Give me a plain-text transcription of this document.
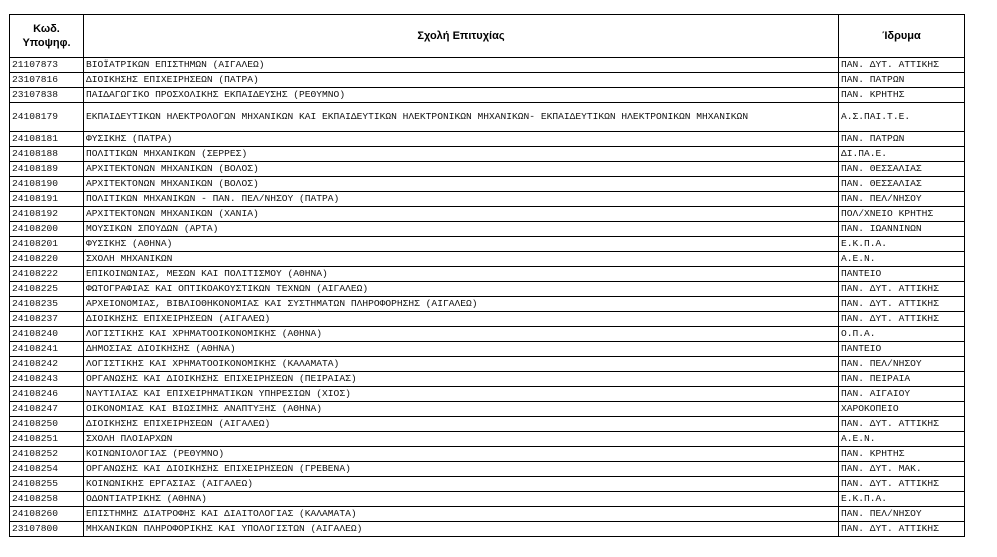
Κωδ.
Υποψηφ.	Σχολή Επιτυχίας	Ίδρυμα
21107873	ΒΙΟΪΑΤΡΙΚΩΝ ΕΠΙΣΤΗΜΩΝ (ΑΙΓΑΛΕΩ)	ΠΑΝ. ΔΥΤ. ΑΤΤΙΚΗΣ
23107816	ΔΙΟΙΚΗΣΗΣ ΕΠΙΧΕΙΡΗΣΕΩΝ (ΠΑΤΡΑ)	ΠΑΝ. ΠΑΤΡΩΝ
23107838	ΠΑΙΔΑΓΩΓΙΚΟ ΠΡΟΣΧΟΛΙΚΗΣ ΕΚΠΑΙΔΕΥΣΗΣ (ΡΕΘΥΜΝΟ)	ΠΑΝ. ΚΡΗΤΗΣ
24108179	ΕΚΠΑΙΔΕΥΤΙΚΩΝ ΗΛΕΚΤΡΟΛΟΓΩΝ ΜΗΧΑΝΙΚΩΝ ΚΑΙ ΕΚΠΑΙΔΕΥΤΙΚΩΝ ΗΛΕΚΤΡΟΝΙΚΩΝ ΜΗΧΑΝΙΚΩΝ- ΕΚΠΑΙΔΕΥΤΙΚΩΝ ΗΛΕΚΤΡΟΝΙΚΩΝ ΜΗΧΑΝΙΚΩΝ	Α.Σ.ΠΑΙ.Τ.Ε.
24108181	ΦΥΣΙΚΗΣ (ΠΑΤΡΑ)	ΠΑΝ. ΠΑΤΡΩΝ
24108188	ΠΟΛΙΤΙΚΩΝ ΜΗΧΑΝΙΚΩΝ (ΣΕΡΡΕΣ)	ΔΙ.ΠΑ.Ε.
24108189	ΑΡΧΙΤΕΚΤΟΝΩΝ ΜΗΧΑΝΙΚΩΝ (ΒΟΛΟΣ)	ΠΑΝ. ΘΕΣΣΑΛΙΑΣ
24108190	ΑΡΧΙΤΕΚΤΟΝΩΝ ΜΗΧΑΝΙΚΩΝ (ΒΟΛΟΣ)	ΠΑΝ. ΘΕΣΣΑΛΙΑΣ
24108191	ΠΟΛΙΤΙΚΩΝ ΜΗΧΑΝΙΚΩΝ - ΠΑΝ. ΠΕΛ/ΝΗΣΟΥ (ΠΑΤΡΑ)	ΠΑΝ. ΠΕΛ/ΝΗΣΟΥ
24108192	ΑΡΧΙΤΕΚΤΟΝΩΝ ΜΗΧΑΝΙΚΩΝ (ΧΑΝΙΑ)	ΠΟΛ/ΧΝΕΙΟ ΚΡΗΤΗΣ
24108200	ΜΟΥΣΙΚΩΝ ΣΠΟΥΔΩΝ (ΑΡΤΑ)	ΠΑΝ. ΙΩΑΝΝΙΝΩΝ
24108201	ΦΥΣΙΚΗΣ (ΑΘΗΝΑ)	Ε.Κ.Π.Α.
24108220	ΣΧΟΛΗ ΜΗΧΑΝΙΚΩΝ	Α.Ε.Ν.
24108222	ΕΠΙΚΟΙΝΩΝΙΑΣ, ΜΕΣΩΝ ΚΑΙ ΠΟΛΙΤΙΣΜΟΥ (ΑΘΗΝΑ)	ΠΑΝΤΕΙΟ
24108225	ΦΩΤΟΓΡΑΦΙΑΣ ΚΑΙ ΟΠΤΙΚΟΑΚΟΥΣΤΙΚΩΝ ΤΕΧΝΩΝ (ΑΙΓΑΛΕΩ)	ΠΑΝ. ΔΥΤ. ΑΤΤΙΚΗΣ
24108235	ΑΡΧΕΙΟΝΟΜΙΑΣ, ΒΙΒΛΙΟΘΗΚΟΝΟΜΙΑΣ ΚΑΙ ΣΥΣΤΗΜΑΤΩΝ ΠΛΗΡΟΦΟΡΗΣΗΣ (ΑΙΓΑΛΕΩ)	ΠΑΝ. ΔΥΤ. ΑΤΤΙΚΗΣ
24108237	ΔΙΟΙΚΗΣΗΣ ΕΠΙΧΕΙΡΗΣΕΩΝ (ΑΙΓΑΛΕΩ)	ΠΑΝ. ΔΥΤ. ΑΤΤΙΚΗΣ
24108240	ΛΟΓΙΣΤΙΚΗΣ ΚΑΙ ΧΡΗΜΑΤΟΟΙΚΟΝΟΜΙΚΗΣ (ΑΘΗΝΑ)	Ο.Π.Α.
24108241	ΔΗΜΟΣΙΑΣ ΔΙΟΙΚΗΣΗΣ (ΑΘΗΝΑ)	ΠΑΝΤΕΙΟ
24108242	ΛΟΓΙΣΤΙΚΗΣ ΚΑΙ ΧΡΗΜΑΤΟΟΙΚΟΝΟΜΙΚΗΣ (ΚΑΛΑΜΑΤΑ)	ΠΑΝ. ΠΕΛ/ΝΗΣΟΥ
24108243	ΟΡΓΑΝΩΣΗΣ ΚΑΙ ΔΙΟΙΚΗΣΗΣ ΕΠΙΧΕΙΡΗΣΕΩΝ (ΠΕΙΡΑΙΑΣ)	ΠΑΝ. ΠΕΙΡΑΙΑ
24108246	ΝΑΥΤΙΛΙΑΣ ΚΑΙ ΕΠΙΧΕΙΡΗΜΑΤΙΚΩΝ ΥΠΗΡΕΣΙΩΝ (ΧΙΟΣ)	ΠΑΝ. ΑΙΓΑΙΟΥ
24108247	ΟΙΚΟΝΟΜΙΑΣ ΚΑΙ ΒΙΩΣΙΜΗΣ ΑΝΑΠΤΥΞΗΣ (ΑΘΗΝΑ)	ΧΑΡΟΚΟΠΕΙΟ
24108250	ΔΙΟΙΚΗΣΗΣ ΕΠΙΧΕΙΡΗΣΕΩΝ (ΑΙΓΑΛΕΩ)	ΠΑΝ. ΔΥΤ. ΑΤΤΙΚΗΣ
24108251	ΣΧΟΛΗ ΠΛΟΙΑΡΧΩΝ	Α.Ε.Ν.
24108252	ΚΟΙΝΩΝΙΟΛΟΓΙΑΣ (ΡΕΘΥΜΝΟ)	ΠΑΝ. ΚΡΗΤΗΣ
24108254	ΟΡΓΑΝΩΣΗΣ ΚΑΙ ΔΙΟΙΚΗΣΗΣ ΕΠΙΧΕΙΡΗΣΕΩΝ (ΓΡΕΒΕΝΑ)	ΠΑΝ. ΔΥΤ. ΜΑΚ.
24108255	ΚΟΙΝΩΝΙΚΗΣ ΕΡΓΑΣΙΑΣ (ΑΙΓΑΛΕΩ)	ΠΑΝ. ΔΥΤ. ΑΤΤΙΚΗΣ
24108258	ΟΔΟΝΤΙΑΤΡΙΚΗΣ (ΑΘΗΝΑ)	Ε.Κ.Π.Α.
24108260	ΕΠΙΣΤΗΜΗΣ ΔΙΑΤΡΟΦΗΣ ΚΑΙ ΔΙΑΙΤΟΛΟΓΙΑΣ (ΚΑΛΑΜΑΤΑ)	ΠΑΝ. ΠΕΛ/ΝΗΣΟΥ
23107800	ΜΗΧΑΝΙΚΩΝ ΠΛΗΡΟΦΟΡΙΚΗΣ ΚΑΙ ΥΠΟΛΟΓΙΣΤΩΝ (ΑΙΓΑΛΕΩ)	ΠΑΝ. ΔΥΤ. ΑΤΤΙΚΗΣ
